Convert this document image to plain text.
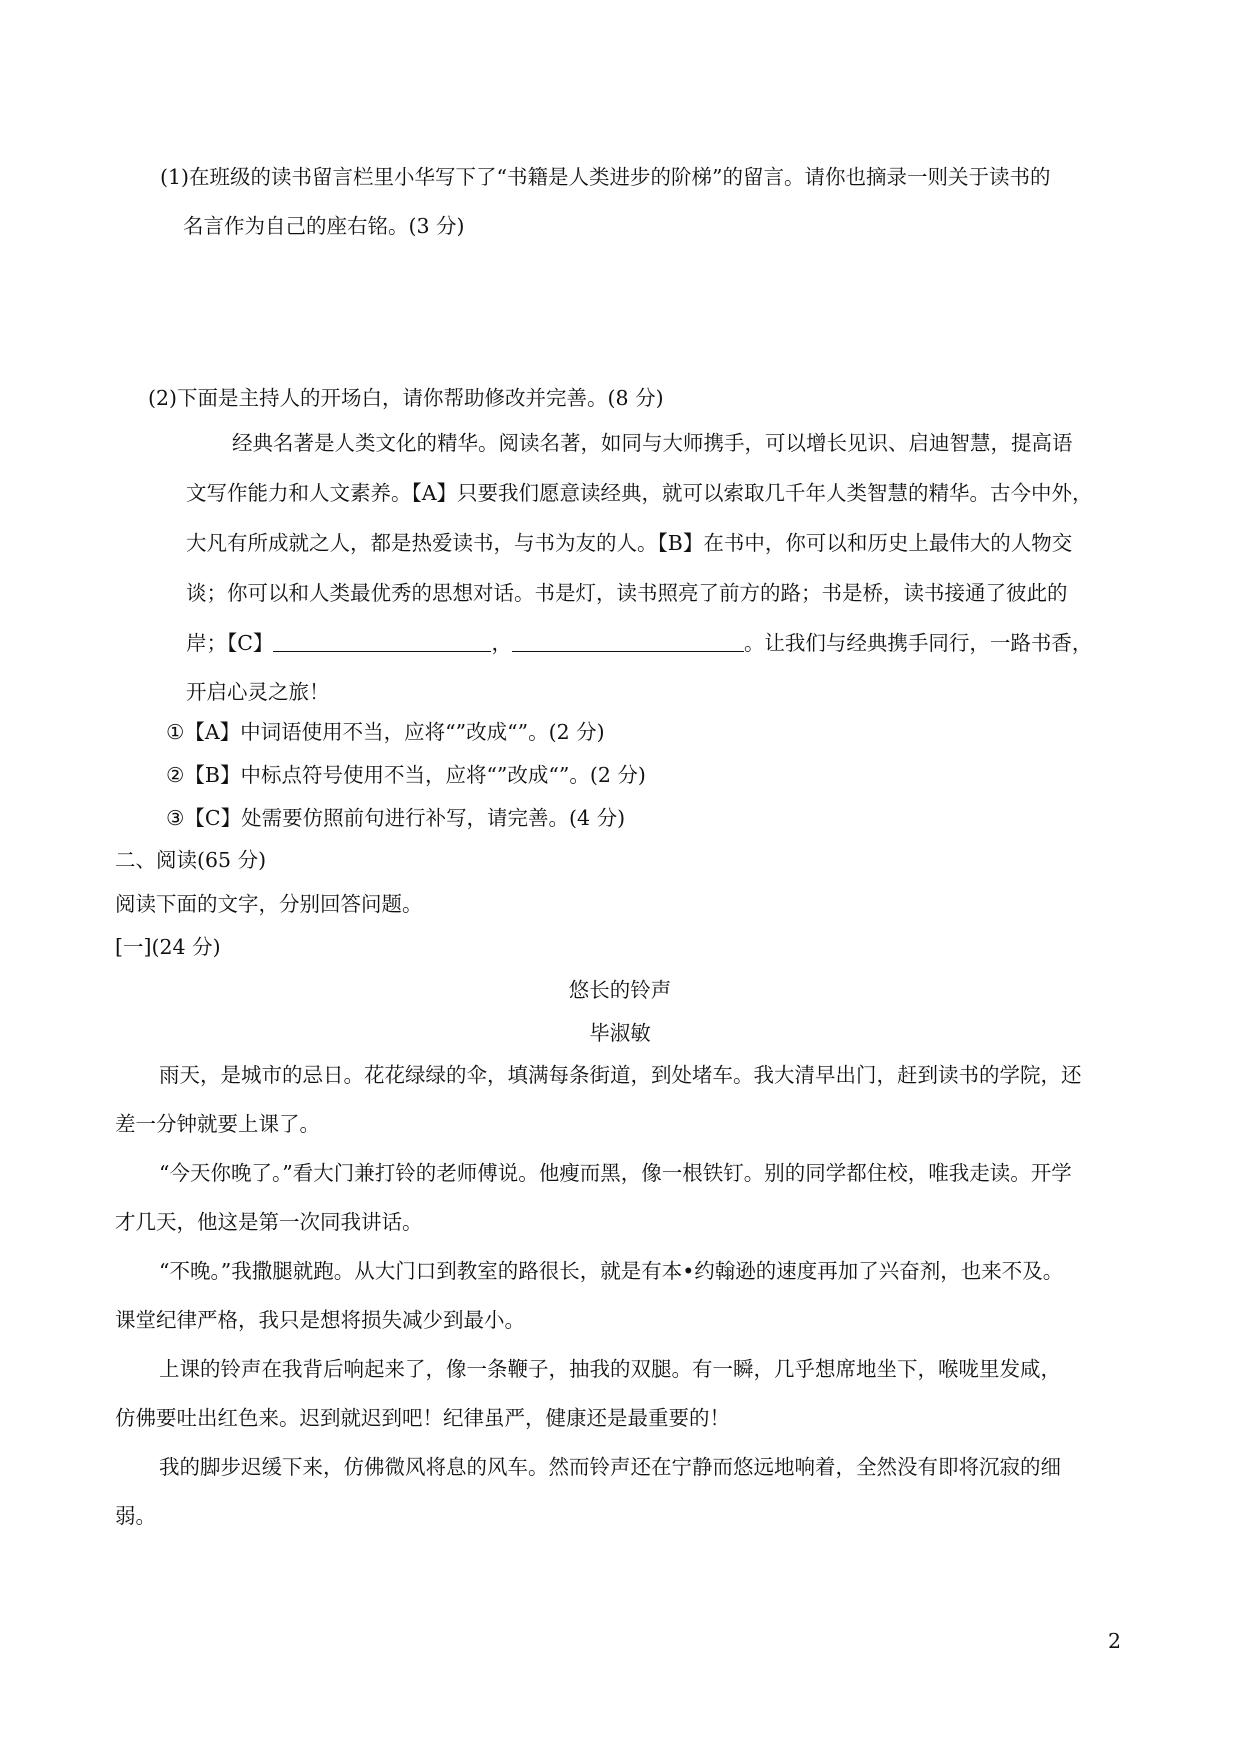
(1)在班级的读书留言栏里小华写下了“书籍是人类进步的阶梯”的留言。请你也摘录一则关于读书的
名言作为自己的座右铭。(3 分)
(2)下面是主持人的开场白，请你帮助修改并完善。(8 分)
经典名著是人类文化的精华。阅读名著，如同与大师携手，可以增长见识、启迪智慧，提高语
文写作能力和人文素养。【A】只要我们愿意读经典，就可以索取几千年人类智慧的精华。古今中外，
大凡有所成就之人，都是热爱读书，与书为友的人。【B】在书中，你可以和历史上最伟大的人物交
谈；你可以和人类最优秀的思想对话。书是灯，读书照亮了前方的路；书是桥，读书接通了彼此的
岸；【C】	，	。让我们与经典携手同行，一路书香，
开启心灵之旅！
①【A】中词语使用不当，应将“”改成“”。(2 分)
②【B】中标点符号使用不当，应将“”改成“”。(2 分)
③【C】处需要仿照前句进行补写，请完善。(4 分)
二、阅读(65 分)
阅读下面的文字，分别回答问题。
[一](24 分)
悠长的铃声
毕淑敏
雨天，是城市的忌日。花花绿绿的伞，填满每条街道，到处堵车。我大清早出门，赶到读书的学院，还
差一分钟就要上课了。
“今天你晚了。”看大门兼打铃的老师傅说。他瘦而黑，像一根铁钉。别的同学都住校，唯我走读。开学
才几天，他这是第一次同我讲话。
“不晚。”我撒腿就跑。从大门口到教室的路很长，就是有本•约翰逊的速度再加了兴奋剂，也来不及。
课堂纪律严格，我只是想将损失减少到最小。
上课的铃声在我背后响起来了，像一条鞭子，抽我的双腿。有一瞬，几乎想席地坐下，喉咙里发咸，
仿佛要吐出红色来。迟到就迟到吧！纪律虽严，健康还是最重要的！
我的脚步迟缓下来，仿佛微风将息的风车。然而铃声还在宁静而悠远地响着，全然没有即将沉寂的细
弱。
2
